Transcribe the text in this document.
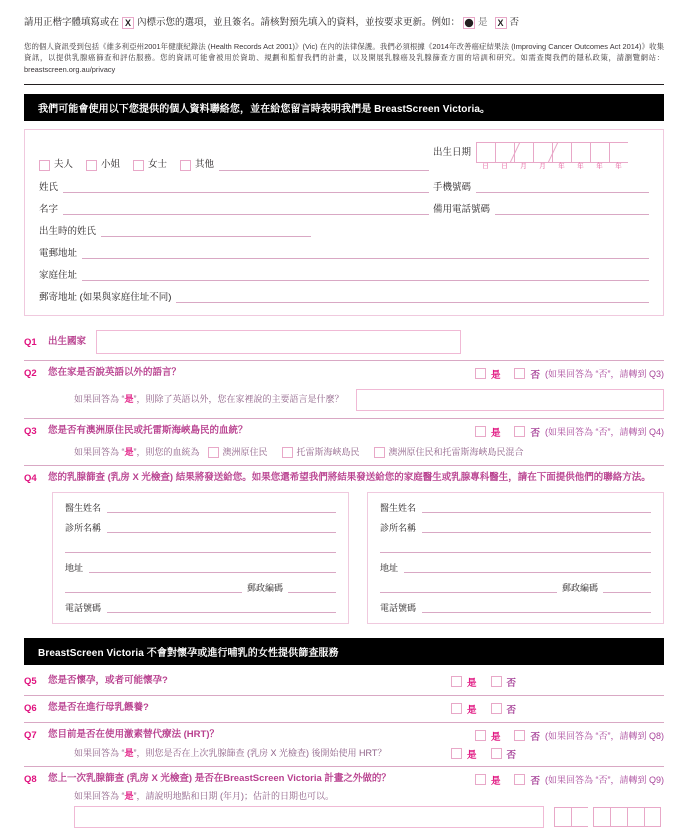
請用正楷字體填寫或在 X 內標示您的選項，並且簽名。請核對預先填入的資料，並按要求更新。例如： 是 X 否
您的個人資訊受到包括《維多利亞州2001年健康紀錄法 (Health Records Act 2001)》(Vic) 在內的法律保護。我們必須根據《2014年改善癌症結果法 (Improving Cancer Outcomes Act 2014)》收集資訊，以提供乳腺癌篩查和評估服務。您的資訊可能會被用於資助、規劃和監督我們的計畫，以及開展乳腺癌及乳腺篩查方面的培訓和研究。如需查閱我們的隱私政策，請瀏覽網站：breastscreen.org.au/privacy
我們可能會使用以下您提供的個人資料聯絡您，並在給您留言時表明我們是 BreastScreen Victoria。
夫人	小姐	女士	其他
出生日期
日 日 月 月 年 年 年 年
姓氏	手機號碼
名字	備用電話號碼
出生時的姓氏
電郵地址
家庭住址
郵寄地址 (如果與家庭住址不同)
Q1	出生國家
Q2	您在家是否說英語以外的語言？	是	否 (如果回答為 “否”，請轉到 Q3)
如果回答為 “是”，則除了英語以外，您在家裡說的主要語言是什麼？
Q3	您是否有澳洲原住民或托雷斯海峽島民的血統？	是	否 (如果回答為 “否”，請轉到 Q4)
如果回答為 “是”，則您的血統為	澳洲原住民	托雷斯海峽島民	澳洲原住民和托雷斯海峽島民混合
Q4	您的乳腺篩查 (乳房 X 光檢查) 結果將發送給您。如果您還希望我們將結果發送給您的家庭醫生或乳腺專科醫生，請在下面提供他們的聯絡方法。
醫生姓名
診所名稱
地址
郵政編碼
電話號碼
醫生姓名
診所名稱
地址
郵政編碼
電話號碼
BreastScreen Victoria 不會對懷孕或進行哺乳的女性提供篩查服務
Q5	您是否懷孕，或者可能懷孕?	是	否
Q6	您是否在進行母乳餵養?	是	否
Q7	您目前是否在使用激素替代療法 (HRT)？	是	否 (如果回答為 “否”，請轉到 Q8)
如果回答為 “是”，則您是否在上次乳腺篩查 (乳房 X 光檢查) 後開始使用 HRT？	是	否
Q8	您上一次乳腺篩查 (乳房 X 光檢查) 是否在BreastScreen Victoria 計畫之外做的？	是	否 (如果回答為 “否”，請轉到 Q9)
如果回答為 “是”，請說明地點和日期 (年月)；估計的日期也可以。
